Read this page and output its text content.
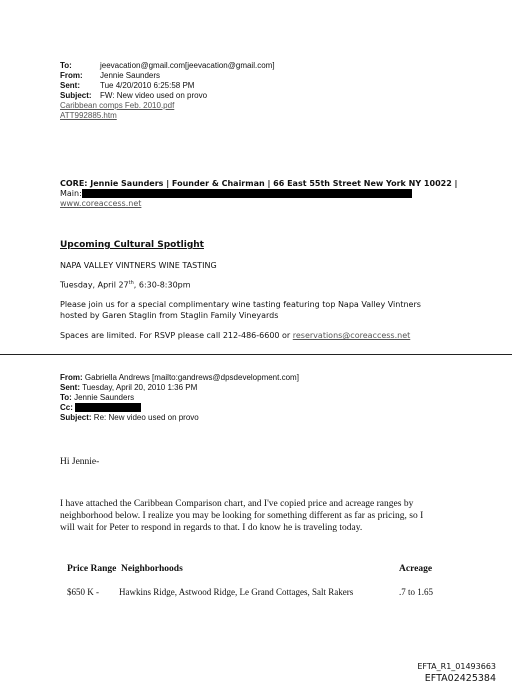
To:	jeevacation@gmail.com[jeevacation@gmail.com]
From: Jennie Saunders
Sent:	Tue 4/20/2010 6:25:58 PM
Subject: FW: New video used on provo
Caribbean comps Feb. 2010.pdf
ATT992885.htm
CORE: Jennie Saunders | Founder & Chairman | 66 East 55th Street New York NY 10022 |
Main:
www.coreaccess.net
Upcoming Cultural Spotlight
NAPA VALLEY VINTNERS WINE TASTING
Tuesday, April 27th, 6:30-8:30pm
Please join us for a special complimentary wine tasting featuring top Napa Valley Vintners
hosted by Garen Staglin from Staglin Family Vineyards
Spaces are limited. For RSVP please call 212-486-6600 or reservations@coreaccess.net
From: Gabriella Andrews [mailto:gandrews@dpsdevelopment.com]
Sent: Tuesday, April 20, 2010 1:36 PM
To: Jennie Saunders
Cc:
Subject: Re: New video used on provo
Hi Jennie-
I have attached the Caribbean Comparison chart, and I've copied price and acreage ranges by
neighborhood below. I realize you may be looking for something different as far as pricing, so I
will wait for Peter to respond in regards to that. I do know he is traveling today.
Price Range Neighborhoods	Acreage
$650 K - Hawkins Ridge, Astwood Ridge, Le Grand Cottages, Salt Rakers	.7 to 1.65
EFTA_R1_01493663
EFTA02425384
